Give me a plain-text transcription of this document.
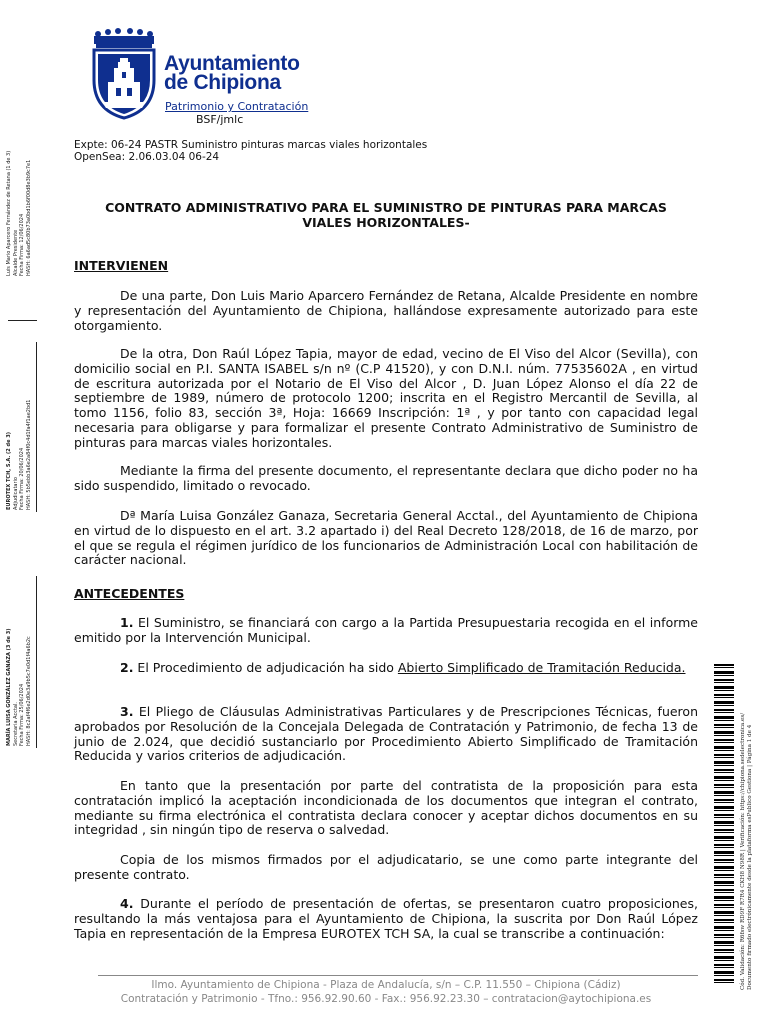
Ayuntamiento
de Chipiona
Patrimonio y Contratación
BSF/jmlc
Expte: 06-24 PASTR Suministro pinturas marcas viales horizontales
OpenSea: 2.06.03.04 06-24
CONTRATO ADMINISTRATIVO PARA EL SUMINISTRO DE PINTURAS PARA MARCAS
VIALES HORIZONTALES-
INTERVIENEN
De una parte, Don Luis Mario Aparcero Fernández de Retana, Alcalde Presidente en nombre y representación del Ayuntamiento de Chipiona, hallándose expresamente autorizado para este otorgamiento.
De la otra, Don Raúl López Tapia, mayor de edad, vecino de El Viso del Alcor (Sevilla), con domicilio social en P.I. SANTA ISABEL s/n nº (C.P 41520), y con D.N.I. núm. 77535602A , en virtud de escritura autorizada por el Notario de El Viso del Alcor , D. Juan López Alonso el día 22 de septiembre de 1989, número de protocolo 1200; inscrita en el Registro Mercantil de Sevilla, al tomo 1156, folio 83, sección 3ª, Hoja: 16669 Inscripción: 1ª , y por tanto con capacidad legal necesaria para obligarse y para formalizar el presente Contrato Administrativo de Suministro de pinturas para marcas viales horizontales.
Mediante la firma del presente documento, el representante declara que dicho poder no ha sido suspendido, limitado o revocado.
Dª María Luisa González Ganaza, Secretaria General Acctal., del Ayuntamiento de Chipiona en virtud de lo dispuesto en el art. 3.2 apartado i) del Real Decreto 128/2018, de 16 de marzo, por el que se regula el régimen jurídico de los funcionarios de Administración Local con habilitación de carácter nacional.
ANTECEDENTES
1. El Suministro, se financiará con cargo a la Partida Presupuestaria recogida en el informe emitido por la Intervención Municipal.
2. El Procedimiento de adjudicación ha sido Abierto Simplificado de Tramitación Reducida.
3. El Pliego de Cláusulas Administrativas Particulares y de Prescripciones Técnicas, fueron aprobados por Resolución de la Concejala Delegada de Contratación y Patrimonio, de fecha 13 de junio de 2.024, que decidió sustanciarlo por Procedimiento Abierto Simplificado de Tramitación Reducida y varios criterios de adjudicación.
En tanto que la presentación por parte del contratista de la proposición para esta contratación implicó la aceptación incondicionada de los documentos que integran el contrato, mediante su firma electrónica el contratista declara conocer y aceptar dichos documentos en su integridad , sin ningún tipo de reserva o salvedad.
Copia de los mismos firmados por el adjudicatario, se une como parte integrante del presente contrato.
4. Durante el período de presentación de ofertas, se presentaron cuatro proposiciones, resultando la más ventajosa para el Ayuntamiento de Chipiona, la suscrita por Don Raúl López Tapia en representación de la Empresa EUROTEX TCH SA, la cual se transcribe a continuación:
Ilmo. Ayuntamiento de Chipiona - Plaza de Andalucía, s/n – C.P. 11.550 – Chipiona (Cádiz)
Contratación y Patrimonio - Tfno.: 956.92.90.60 - Fax.: 956.92.23.30 – contratacion@aytochipiona.es
Luis Mario Aparcero Fernández de Retana (1 de 3) Alcalde Presidente Fecha Firma: 12/06/2024 HASH: 6a6ad5c80b73a0bd1b6f00d8e3b9c7e1
EUROTEX TCH, S.A. (2 de 3) Adjudicatario Fecha Firma: 20/06/2024 HASH: 5b5ebb3a6e2a84f0c4d1fa4f1ae2bd1
MARÍA LUISA GONZÁLEZ GANAZA (3 de 3) Secretaria Acctal. Fecha Firma: 25/06/2024 HASH: 8c2af4f6e2d0e3a9b5c7e0d1f4a6b2c
Cód. Validación: R6fsw RD9F R7R4 CKH8 N98R | Verificación: https://chipiona.sedelectronica.es/ Documento firmado electrónicamente desde la plataforma esPublico Gestiona | Página 1 de 4
